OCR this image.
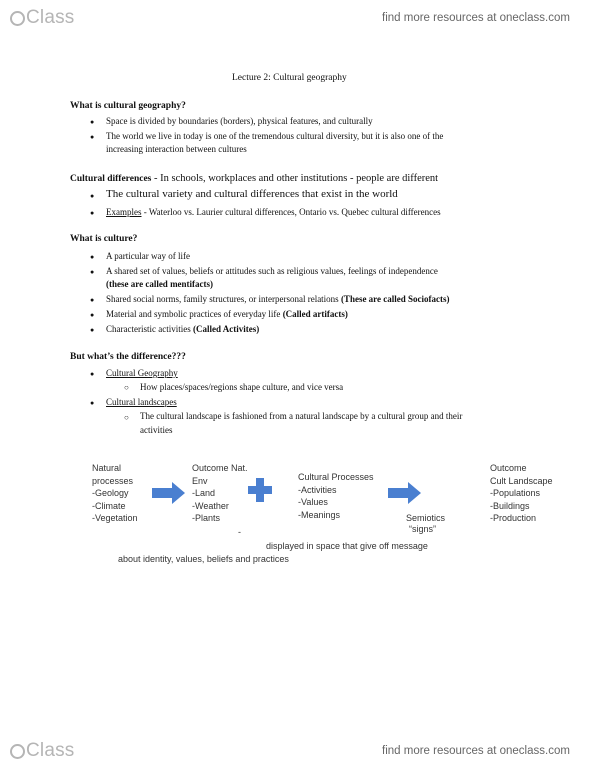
Class	find more resources at oneclass.com
Lecture 2: Cultural geography
What is cultural geography?
● Space is divided by boundaries (borders), physical features, and culturally
● The world we live in today is one of the tremendous cultural diversity, but it is also one of the
increasing interaction between cultures
Cultural differences - In schools, workplaces and other institutions - people are different
● The cultural variety and cultural differences that exist in the world
● Examples - Waterloo vs. Laurier cultural differences, Ontario vs. Quebec cultural differences
What is culture?
● A particular way of life
● A shared set of values, beliefs or attitudes such as religious values, feelings of independence
(these are called mentifacts)
● Shared social norms, family structures, or interpersonal relations (These are called Sociofacts)
● Material and symbolic practices of everyday life (Called artifacts)
● Characteristic activities (Called Activites)
But what’s the difference???
● Cultural Geography
○ How places/spaces/regions shape culture, and vice versa
● Cultural landscapes
○ The cultural landscape is fashioned from a natural landscape by a cultural group and their
activities
Natural
processes
-Geology
-Climate
-Vegetation
Outcome Nat.
Env
-Land
-Weather
-Plants
-
Cultural Processes
-Activities
-Values
-Meanings	Semiotics
“signs”
Outcome
Cult Landscape
-Populations
-Buildings
-Production
displayed in space that give off message
about identity, values, beliefs and practices
Class	find more resources at oneclass.com
